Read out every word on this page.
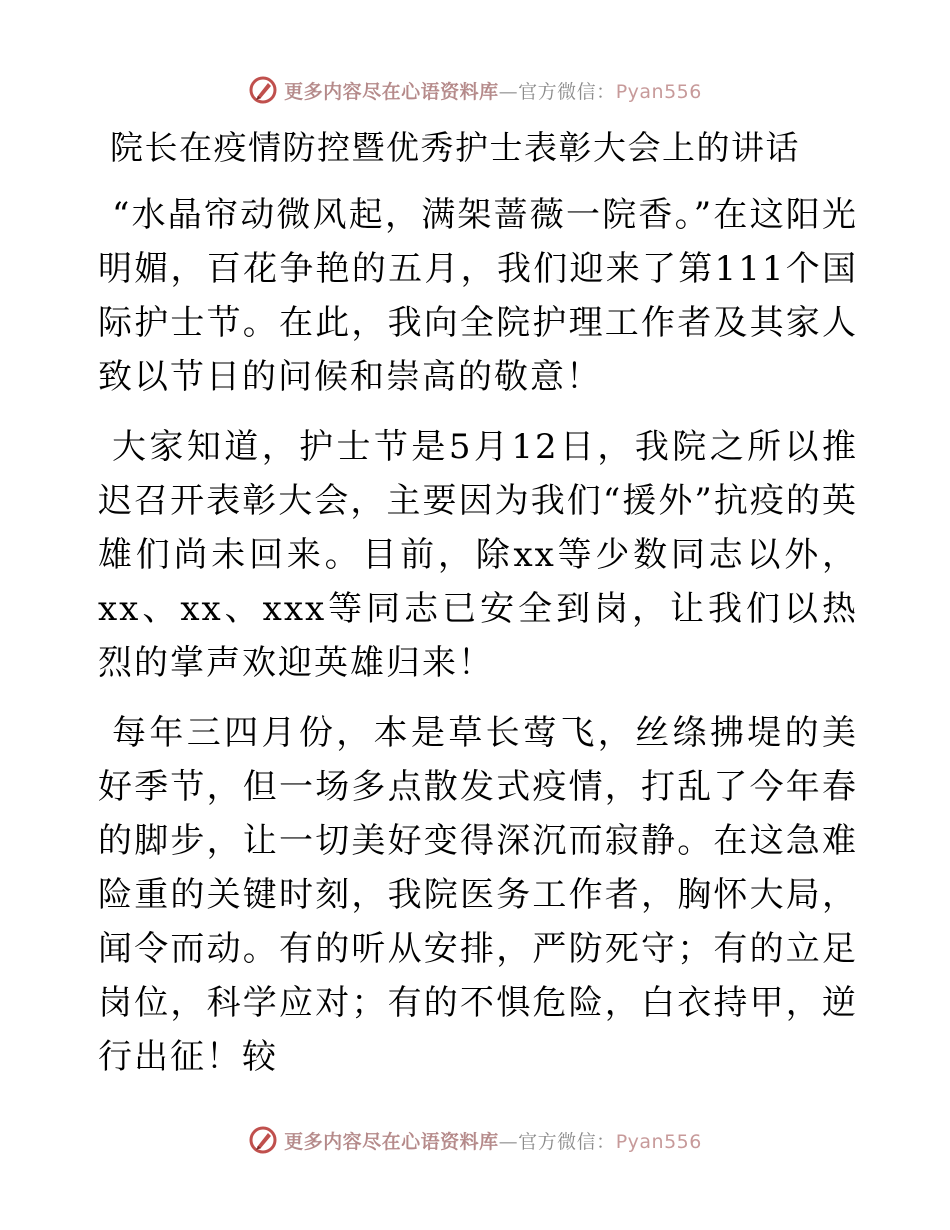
更多内容尽在心语资料库—官方微信：Pyan556
院长在疫情防控暨优秀护士表彰大会上的讲话

“水晶帘动微风起，满架蔷薇一院香。”在这阳光明媚，百花争艳的五月，我们迎来了第111个国际护士节。在此，我向全院护理工作者及其家人致以节日的问候和崇高的敬意！

大家知道，护士节是5月12日，我院之所以推迟召开表彰大会，主要因为我们“援外”抗疫的英雄们尚未回来。目前，除xx等少数同志以外，xx、xx、xxx等同志已安全到岗，让我们以热烈的掌声欢迎英雄归来！

每年三四月份，本是草长莺飞，丝绦拂堤的美好季节，但一场多点散发式疫情，打乱了今年春的脚步，让一切美好变得深沉而寂静。在这急难险重的关键时刻，我院医务工作者，胸怀大局，闻令而动。有的听从安排，严防死守；有的立足岗位，科学应对；有的不惧危险，白衣持甲，逆行出征！较

更多内容尽在心语资料库—官方微信：Pyan556
